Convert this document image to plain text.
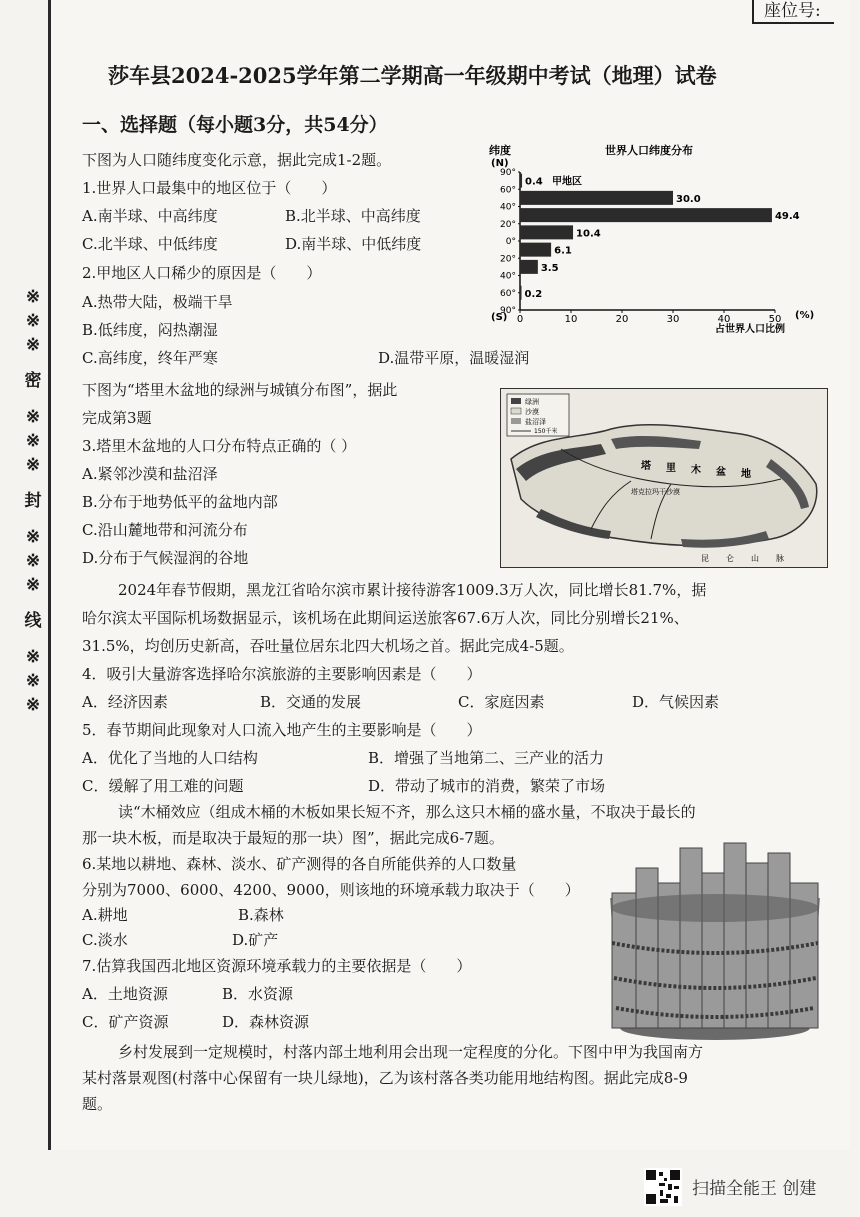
※
※
※
密
※
※
※
封
※
※
※
线
※
※
※
座位号:
莎车县2024-2025学年第二学期高一年级期中考试（地理）试卷
一、选择题（每小题3分，共54分）
下图为人口随纬度变化示意，据此完成1-2题。
1.世界人口最集中的地区位于（　　）
A.南半球、中高纬度	B.北半球、中高纬度
C.北半球、中低纬度	D.南半球、中低纬度
2.甲地区人口稀少的原因是（　　）
A.热带大陆，极端干旱
B.低纬度，闷热潮湿
C.高纬度，终年严寒	D.温带平原，温暖湿润
纬度
(N)
世界人口纬度分布
(S)
占世界人口比例
(%)
90°
60°
40°
20°
0°
20°
40°
60°
90°
0	10	20	30	40	50
0.4 甲地区
30.0
49.4
10.4
6.1
3.5
0.2
下图为“塔里木盆地的绿洲与城镇分布图”，据此
完成第3题
3.塔里木盆地的人口分布特点正确的（ ）
A.紧邻沙漠和盐沼泽
B.分布于地势低平的盆地内部
C.沿山麓地带和河流分布
D.分布于气候湿润的谷地
绿洲
沙漠
盐沼泽
150千米
塔 里 木 盆 地
塔克拉玛干沙漠
昆 仑 山 脉
2024年春节假期，黑龙江省哈尔滨市累计接待游客1009.3万人次，同比增长81.7%，据
哈尔滨太平国际机场数据显示，该机场在此期间运送旅客67.6万人次，同比分别增长21%、
31.5%，均创历史新高，吞吐量位居东北四大机场之首。据此完成4-5题。
4．吸引大量游客选择哈尔滨旅游的主要影响因素是（　　）
A．经济因素	B．交通的发展	C．家庭因素	D．气候因素
5．春节期间此现象对人口流入地产生的主要影响是（　　）
A．优化了当地的人口结构	B．增强了当地第二、三产业的活力
C．缓解了用工难的问题	D．带动了城市的消费，繁荣了市场
读“木桶效应（组成木桶的木板如果长短不齐，那么这只木桶的盛水量，不取决于最长的
那一块木板，而是取决于最短的那一块）图”，据此完成6-7题。
6.某地以耕地、森林、淡水、矿产测得的各自所能供养的人口数量
分别为7000、6000、4200、9000，则该地的环境承载力取决于（　　）
A.耕地	B.森林
C.淡水	D.矿产
7.估算我国西北地区资源环境承载力的主要依据是（　　）
A．土地资源	B．水资源
C．矿产资源	D．森林资源
乡村发展到一定规模时，村落内部土地利用会出现一定程度的分化。下图中甲为我国南方
某村落景观图(村落中心保留有一块儿绿地)，乙为该村落各类功能用地结构图。据此完成8-9
题。
扫描全能王 创建
